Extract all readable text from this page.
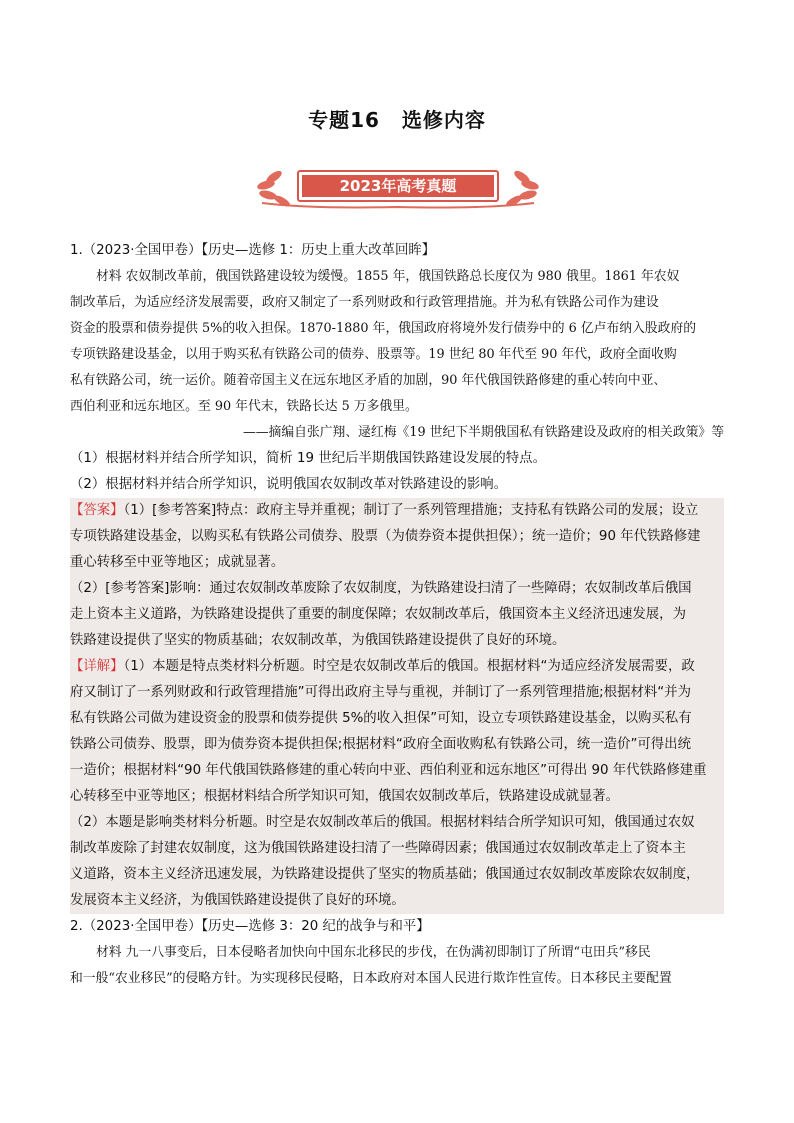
专题16 选修内容
2023年高考真题
1.（2023·全国甲卷）【历史—选修 1：历史上重大改革回眸】
材料 农奴制改革前，俄国铁路建设较为缓慢。1855 年，俄国铁路总长度仅为 980 俄里。1861 年农奴
制改革后，为适应经济发展需要，政府又制定了一系列财政和行政管理措施。并为私有铁路公司作为建设
资金的股票和债券提供 5%的收入担保。1870-1880 年，俄国政府将境外发行债券中的 6 亿卢布纳入股政府的
专项铁路建设基金，以用于购买私有铁路公司的债券、股票等。19 世纪 80 年代至 90 年代，政府全面收购
私有铁路公司，统一运价。随着帝国主义在远东地区矛盾的加剧，90 年代俄国铁路修建的重心转向中亚、
西伯利亚和远东地区。至 90 年代末，铁路长达 5 万多俄里。
——摘编自张广翔、逯红梅《19 世纪下半期俄国私有铁路建设及政府的相关政策》等
（1）根据材料并结合所学知识，简析 19 世纪后半期俄国铁路建设发展的特点。
（2）根据材料并结合所学知识，说明俄国农奴制改革对铁路建设的影响。
【答案】（1）[参考答案]特点：政府主导并重视；制订了一系列管理措施；支持私有铁路公司的发展；设立
专项铁路建设基金，以购买私有铁路公司债券、股票（为债券资本提供担保）；统一造价；90 年代铁路修建
重心转移至中亚等地区；成就显著。
（2）[参考答案]影响：通过农奴制改革废除了农奴制度，为铁路建设扫清了一些障碍；农奴制改革后俄国
走上资本主义道路，为铁路建设提供了重要的制度保障；农奴制改革后，俄国资本主义经济迅速发展，为
铁路建设提供了坚实的物质基础；农奴制改革，为俄国铁路建设提供了良好的环境。
【详解】（1）本题是特点类材料分析题。时空是农奴制改革后的俄国。根据材料“为适应经济发展需要，政
府又制订了一系列财政和行政管理措施”可得出政府主导与重视，并制订了一系列管理措施;根据材料“并为
私有铁路公司做为建设资金的股票和债券提供 5%的收入担保”可知，设立专项铁路建设基金，以购买私有
铁路公司债券、股票，即为债券资本提供担保;根据材料“政府全面收购私有铁路公司，统一造价”可得出统
一造价；根据材料“90 年代俄国铁路修建的重心转向中亚、西伯利亚和远东地区”可得出 90 年代铁路修建重
心转移至中亚等地区；根据材料结合所学知识可知，俄国农奴制改革后，铁路建设成就显著。
（2）本题是影响类材料分析题。时空是农奴制改革后的俄国。根据材料结合所学知识可知，俄国通过农奴
制改革废除了封建农奴制度，这为俄国铁路建设扫清了一些障碍因素；俄国通过农奴制改革走上了资本主
义道路，资本主义经济迅速发展，为铁路建设提供了坚实的物质基础；俄国通过农奴制改革废除农奴制度，
发展资本主义经济，为俄国铁路建设提供了良好的环境。
2.（2023·全国甲卷）【历史—选修 3：20 纪的战争与和平】
材料 九一八事变后，日本侵略者加快向中国东北移民的步伐，在伪满初即制订了所谓“屯田兵”移民
和一般“农业移民”的侵略方针。为实现移民侵略，日本政府对本国人民进行欺诈性宣传。日本移民主要配置
